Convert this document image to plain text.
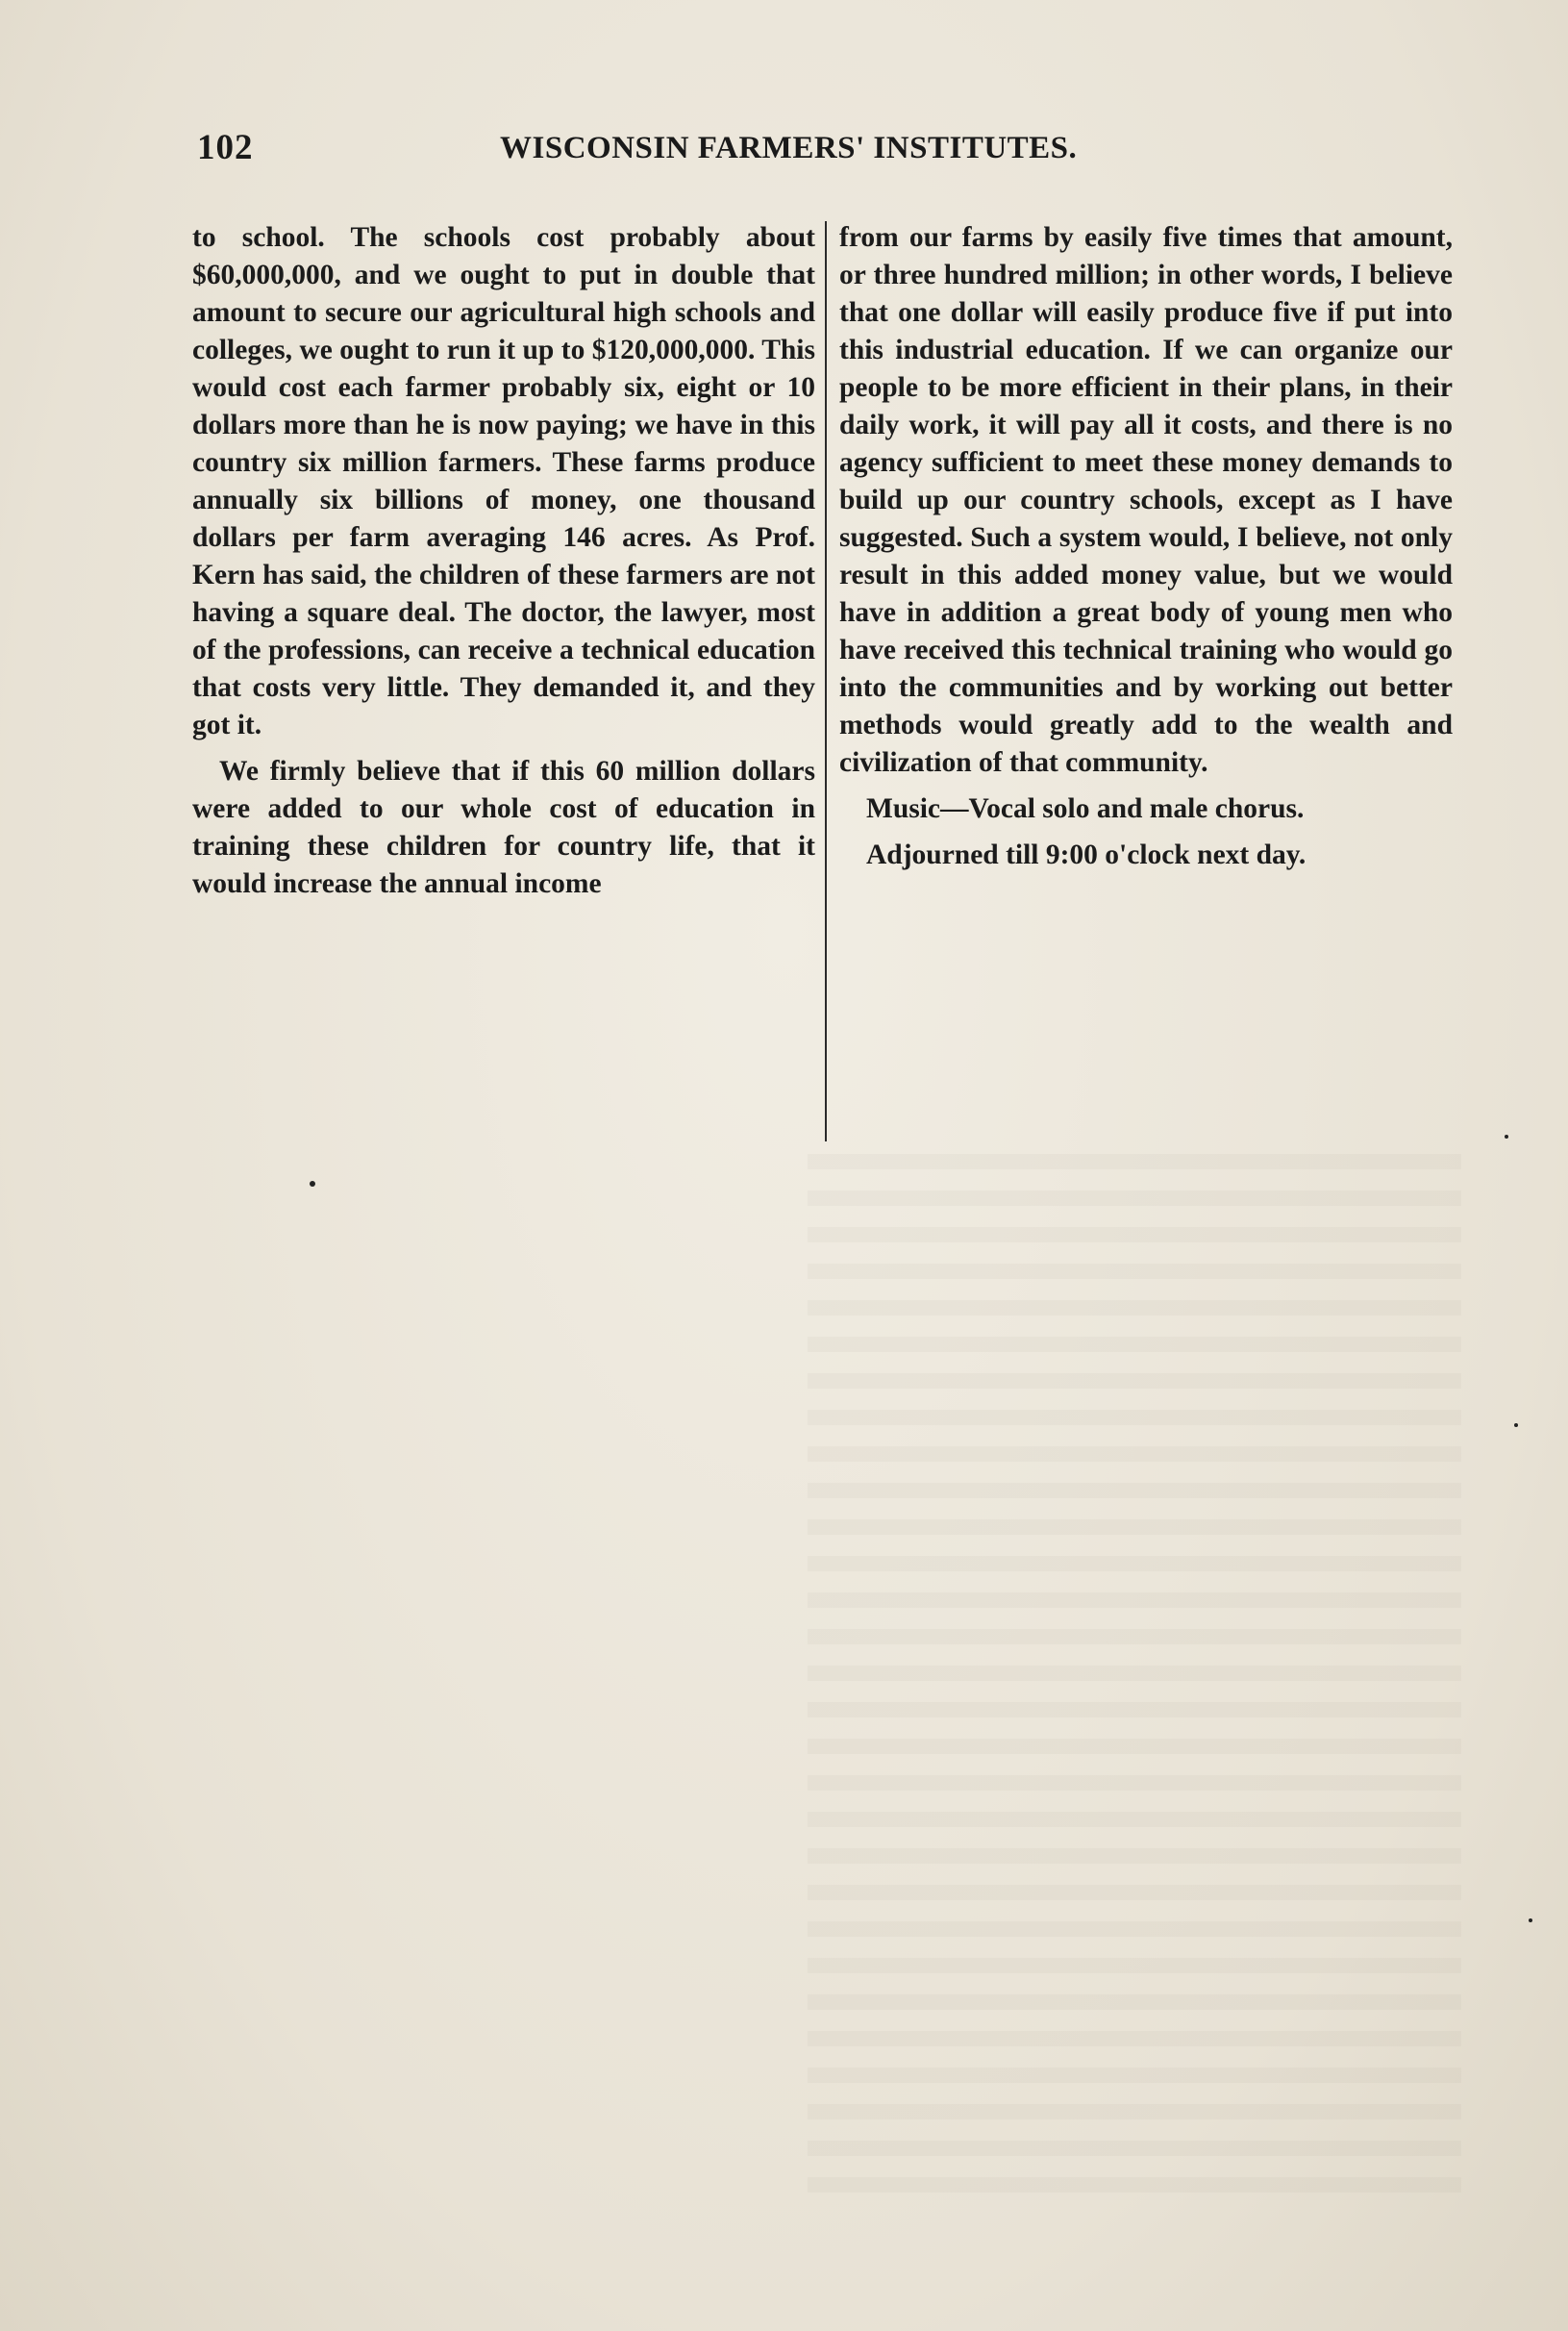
102	WISCONSIN FARMERS' INSTITUTES.

to school. The schools cost probably about $60,000,000, and we ought to put in double that amount to secure our agricultural high schools and colleges, we ought to run it up to $120,000,000. This would cost each farmer probably six, eight or 10 dollars more than he is now paying; we have in this country six million farmers. These farms produce annually six billions of money, one thousand dollars per farm averaging 146 acres. As Prof. Kern has said, the children of these farmers are not having a square deal. The doctor, the lawyer, most of the professions, can receive a technical education that costs very little. They demanded it, and they got it.

We firmly believe that if this 60 million dollars were added to our whole cost of education in training these children for country life, that it would increase the annual income

from our farms by easily five times that amount, or three hundred million; in other words, I believe that one dollar will easily produce five if put into this industrial education. If we can organize our people to be more efficient in their plans, in their daily work, it will pay all it costs, and there is no agency sufficient to meet these money demands to build up our country schools, except as I have suggested. Such a system would, I believe, not only result in this added money value, but we would have in addition a great body of young men who have received this technical training who would go into the communities and by working out better methods would greatly add to the wealth and civilization of that community.

Music—Vocal solo and male chorus.

Adjourned till 9:00 o'clock next day.
